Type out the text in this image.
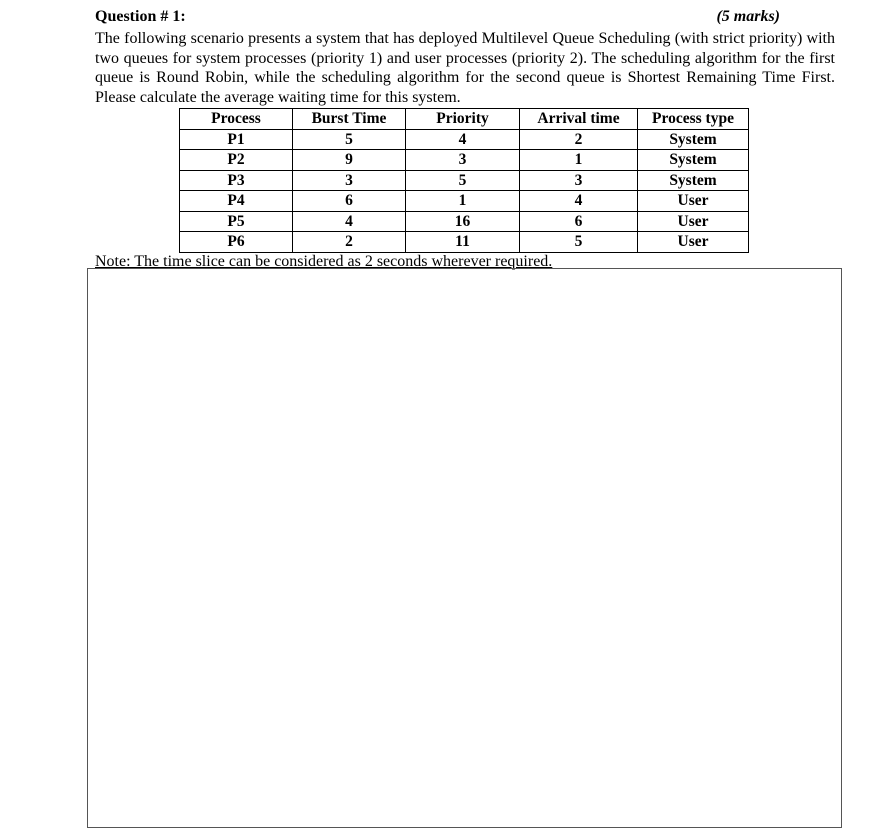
Question # 1:	(5 marks)

The following scenario presents a system that has deployed Multilevel Queue Scheduling (with strict priority) with two queues for system processes (priority 1) and user processes (priority 2). The scheduling algorithm for the first queue is Round Robin, while the scheduling algorithm for the second queue is Shortest Remaining Time First. Please calculate the average waiting time for this system.

Process	Burst Time	Priority	Arrival time	Process type
P1	5	4	2	System
P2	9	3	1	System
P3	3	5	3	System
P4	6	1	4	User
P5	4	16	6	User
P6	2	11	5	User
Note: The time slice can be considered as 2 seconds wherever required.
